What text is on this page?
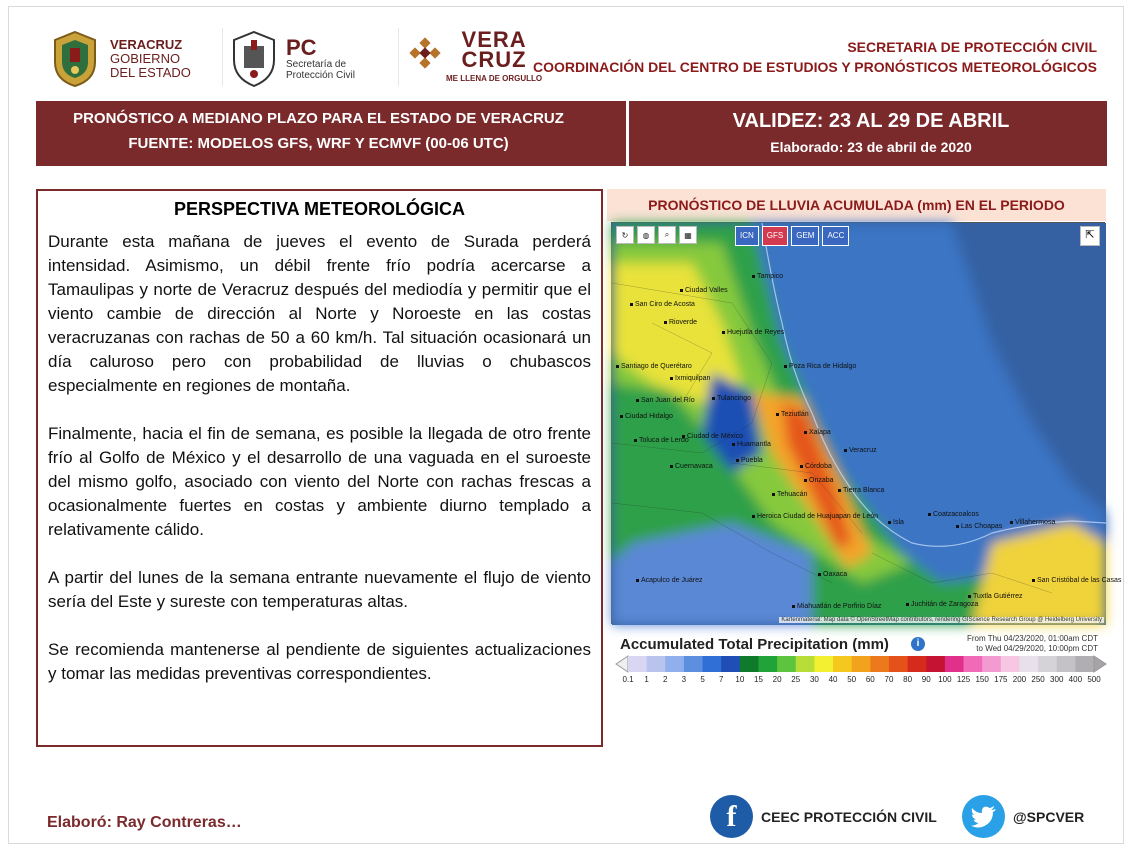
VERACRUZ
GOBIERNO
DEL ESTADO
PC
Secretaría de
Protección Civil
VERA
CRUZ
ME LLENA DE ORGULLO
SECRETARIA DE PROTECCIÓN CIVIL
COORDINACIÓN DEL CENTRO DE ESTUDIOS Y PRONÓSTICOS METEOROLÓGICOS
PRONÓSTICO A MEDIANO PLAZO PARA EL ESTADO DE VERACRUZ
FUENTE: MODELOS GFS, WRF Y ECMVF (00-06 UTC)
VALIDEZ: 23 AL 29 DE ABRIL
Elaborado: 23 de abril de 2020
PERSPECTIVA METEOROLÓGICA

Durante esta mañana de jueves el evento de Surada perderá intensidad. Asimismo, un débil frente frío podría acercarse a Tamaulipas y norte de Veracruz después del mediodía y permitir que el viento cambie de dirección al Norte y Noroeste en las costas veracruzanas con rachas de 50 a 60 km/h. Tal situación ocasionará un día caluroso pero con probabilidad de lluvias o chubascos especialmente en regiones de montaña.

Finalmente, hacia el fin de semana, es posible la llegada de otro frente frío al Golfo de México y el desarrollo de una vaguada en el suroeste del mismo golfo, asociado con viento del Norte con rachas frescas a ocasionalmente fuertes en costas y ambiente diurno templado a relativamente cálido.

A partir del lunes de la semana entrante nuevamente el flujo de viento sería del Este y sureste con temperaturas altas.

Se recomienda mantenerse al pendiente de siguientes actualizaciones y tomar las medidas preventivas correspondientes.

PRONÓSTICO DE LLUVIA ACUMULADA (mm) EN EL PERIODO
↻	◍	⌕	▦	ICN	GFS	GEM	ACC	⇱
Tampico
Ciudad Valles
San Ciro de Acosta
Rioverde
Huejutla de Reyes
Poza Rica de Hidalgo
Ixmiquilpan
Tulancingo
Santiago de Querétaro
Ciudad Hidalgo
Toluca de Lerdo
Ciudad de México
Cuernavaca
Huamantla
Puebla
Xalapa
Veracruz
Córdoba
Orizaba
Tierra Blanca
Tehuacán
Heroica Ciudad de Huajuapan de León
Oaxaca
Coatzacoalcos
Las Choapas
Villahermosa
Juchitán de Zaragoza
Tuxtla Gutiérrez
San Cristóbal de las Casas
Acapulco de Juárez
Miahuatlán de Porfirio Díaz
Teziutlán
San Juan del Río
Isla
Kartenmaterial: Map data © OpenStreetMap contributors, rendering GIScience Research Group @ Heidelberg University
Accumulated Total Precipitation (mm)	i	From Thu 04/23/2020, 01:00am CDT
to Wed 04/29/2020, 10:00pm CDT
0.1 1 2 3 5 7 10 15 20 25 30 40 50 60 70 80 90 100 125 150 175 200 250 300 400 500
Elaboró: Ray Contreras…	f	CEEC PROTECCIÓN CIVIL	@SPCVER
